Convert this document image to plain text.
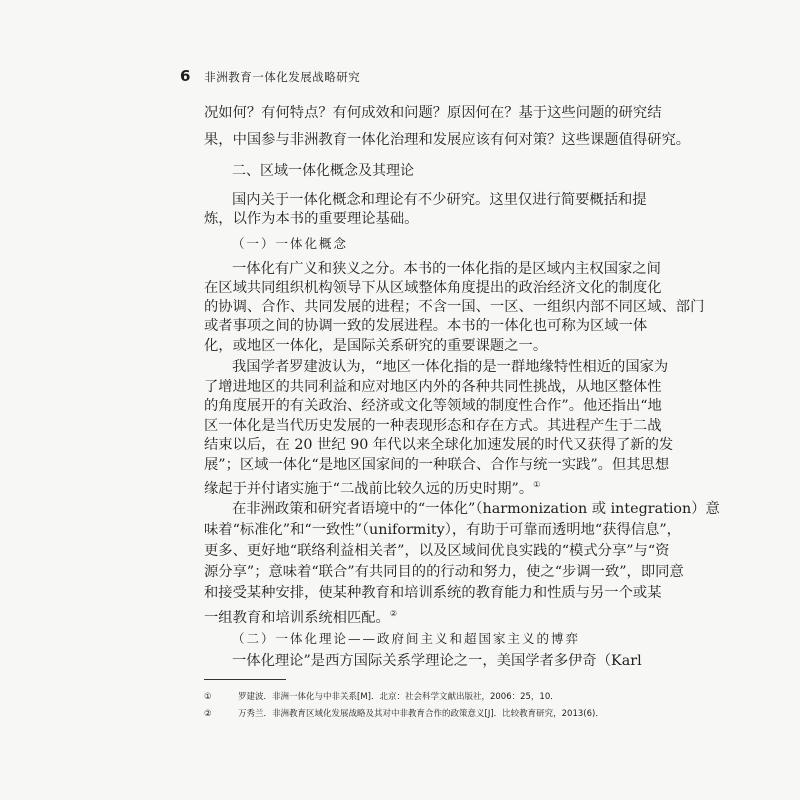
6 非洲教育一体化发展战略研究
况如何？有何特点？有何成效和问题？原因何在？基于这些问题的研究结
果，中国参与非洲教育一体化治理和发展应该有何对策？这些课题值得研究。
二、区域一体化概念及其理论
国内关于一体化概念和理论有不少研究。这里仅进行简要概括和提
炼，以作为本书的重要理论基础。
（一）一体化概念
一体化有广义和狭义之分。本书的一体化指的是区域内主权国家之间
在区域共同组织机构领导下从区域整体角度提出的政治经济文化的制度化
的协调、合作、共同发展的进程；不含一国、一区、一组织内部不同区域、部门
或者事项之间的协调一致的发展进程。本书的一体化也可称为区域一体
化，或地区一体化，是国际关系研究的重要课题之一。
我国学者罗建波认为，“地区一体化指的是一群地缘特性相近的国家为
了增进地区的共同利益和应对地区内外的各种共同性挑战，从地区整体性
的角度展开的有关政治、经济或文化等领域的制度性合作”。他还指出“地
区一体化是当代历史发展的一种表现形态和存在方式。其进程产生于二战
结束以后，在 20 世纪 90 年代以来全球化加速发展的时代又获得了新的发
展”；区域一体化“是地区国家间的一种联合、合作与统一实践”。但其思想
缘起于并付诸实施于“二战前比较久远的历史时期”。①
在非洲政策和研究者语境中的“一体化”（harmonization 或 integration）意
味着“标准化”和“一致性”（uniformity），有助于可靠而透明地“获得信息”，
更多、更好地“联络利益相关者”，以及区域间优良实践的“模式分享”与“资
源分享”；意味着“联合”有共同目的的行动和努力，使之“步调一致”，即同意
和接受某种安排，使某种教育和培训系统的教育能力和性质与另一个或某
一组教育和培训系统相匹配。②
（二）一体化理论——政府间主义和超国家主义的博弈
一体化理论”是西方国际关系学理论之一，美国学者多伊奇（Karl
①	罗建波．非洲一体化与中非关系[M]．北京：社会科学文献出版社，2006：25，10．
②	万秀兰．非洲教育区域化发展战略及其对中非教育合作的政策意义[J]．比较教育研究，2013(6)．
